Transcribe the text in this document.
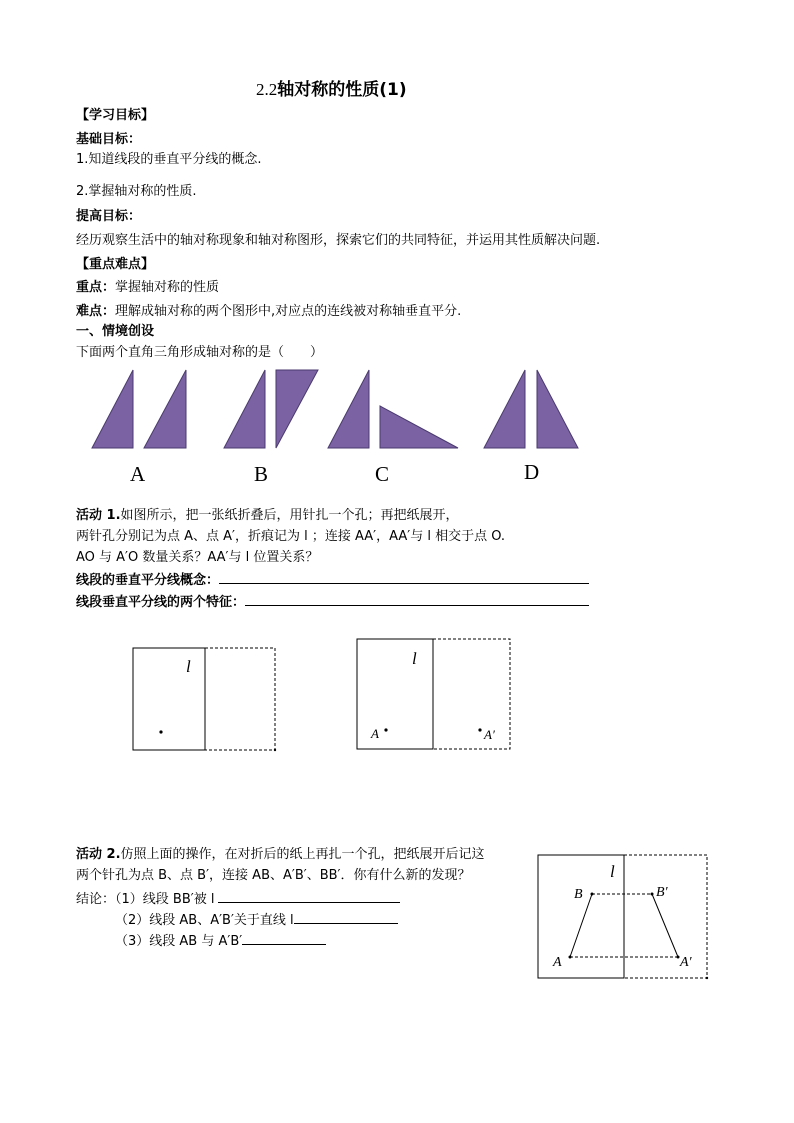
2.2轴对称的性质(1)
【学习目标】
基础目标：
1.知道线段的垂直平分线的概念.
2.掌握轴对称的性质.
提高目标：
经历观察生活中的轴对称现象和轴对称图形，探索它们的共同特征，并运用其性质解决问题.
【重点难点】
重点：掌握轴对称的性质
难点：理解成轴对称的两个图形中,对应点的连线被对称轴垂直平分.
一、情境创设
下面两个直角三角形成轴对称的是（　　）
A	B	C	D
活动 1.如图所示，把一张纸折叠后，用针扎一个孔；再把纸展开，
两针孔分别记为点 A、点 A′，折痕记为 l ；连接 AA′，AA′与 l 相交于点 O.
AO 与 A′O 数量关系？AA′与 l 位置关系？
线段的垂直平分线概念：
线段垂直平分线的两个特征：
l	l
A	A′
活动 2.仿照上面的操作，在对折后的纸上再扎一个孔，把纸展开后记这
两个针孔为点 B、点 B′，连接 AB、A′B′、BB′．你有什么新的发现？
结论：（1）线段 BB′被 l
（2）线段 AB、A′B′关于直线 l
（3）线段 AB 与 A′B′
l
B	B′
A	A′
